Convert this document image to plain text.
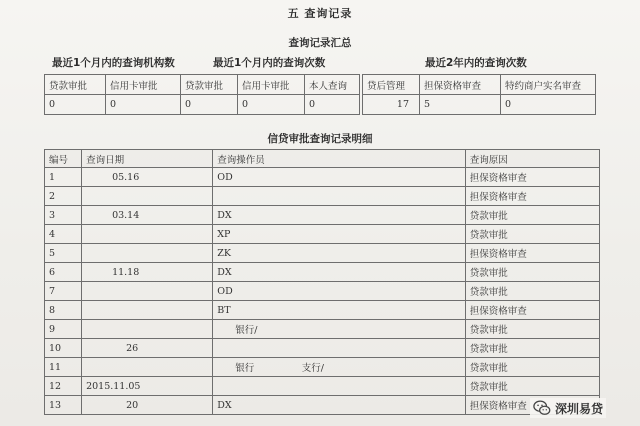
五 查询记录
查询记录汇总
最近1个月内的查询机构数	最近1个月内的查询次数	最近2年内的查询次数
贷款审批	信用卡审批	贷款审批	信用卡审批	本人查询		贷后管理	担保资格审查	特约商户实名审查
0	0	0	0	0		17	5	0
信贷审批查询记录明细
编号	查询日期	查询操作员	查询原因
1	05.16	OD	担保资格审查
2			担保资格审查
3	03.14	DX	贷款审批
4		XP	贷款审批
5		ZK	担保资格审查
6	11.18	DX	贷款审批
7		OD	贷款审批
8		BT	担保资格审查
9		银行/	贷款审批
10	26		贷款审批
11		银行　　　　　支行/	贷款审批
12	2015.11.05		贷款审批
13	20	DX	担保资格审查 深圳易贷
